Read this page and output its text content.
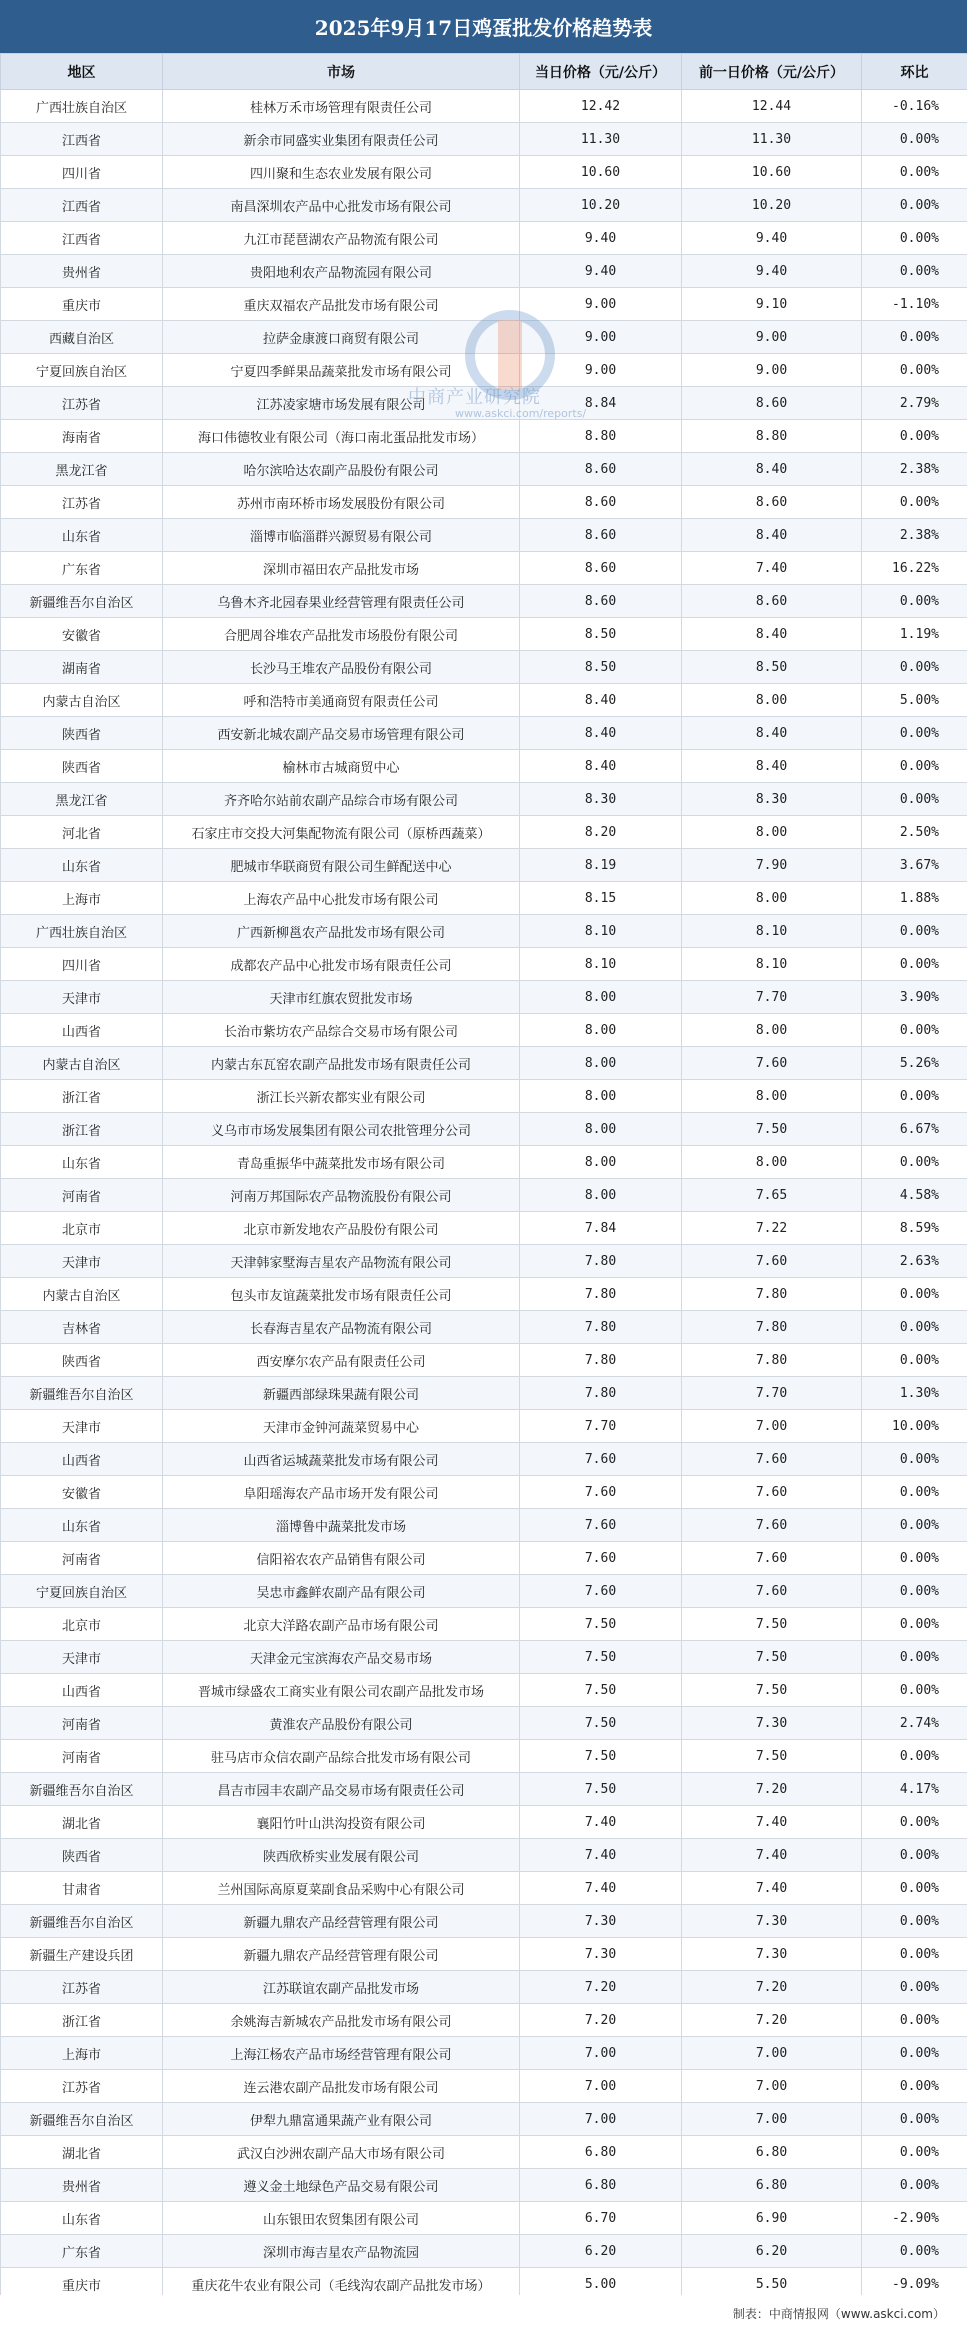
2025年9月17日鸡蛋批发价格趋势表
地区	市场	当日价格（元/公斤）	前一日价格（元/公斤）	环比
广西壮族自治区	桂林万禾市场管理有限责任公司	12.42	12.44	-0.16%
江西省	新余市同盛实业集团有限责任公司	11.30	11.30	0.00%
四川省	四川聚和生态农业发展有限公司	10.60	10.60	0.00%
江西省	南昌深圳农产品中心批发市场有限公司	10.20	10.20	0.00%
江西省	九江市琵琶湖农产品物流有限公司	9.40	9.40	0.00%
贵州省	贵阳地利农产品物流园有限公司	9.40	9.40	0.00%
重庆市	重庆双福农产品批发市场有限公司	9.00	9.10	-1.10%
西藏自治区	拉萨金康渡口商贸有限公司	9.00	9.00	0.00%
宁夏回族自治区	宁夏四季鲜果品蔬菜批发市场有限公司	9.00	9.00	0.00%
江苏省	江苏凌家塘市场发展有限公司	8.84	8.60	2.79%
海南省	海口伟德牧业有限公司（海口南北蛋品批发市场）	8.80	8.80	0.00%
黑龙江省	哈尔滨哈达农副产品股份有限公司	8.60	8.40	2.38%
江苏省	苏州市南环桥市场发展股份有限公司	8.60	8.60	0.00%
山东省	淄博市临淄群兴源贸易有限公司	8.60	8.40	2.38%
广东省	深圳市福田农产品批发市场	8.60	7.40	16.22%
新疆维吾尔自治区	乌鲁木齐北园春果业经营管理有限责任公司	8.60	8.60	0.00%
安徽省	合肥周谷堆农产品批发市场股份有限公司	8.50	8.40	1.19%
湖南省	长沙马王堆农产品股份有限公司	8.50	8.50	0.00%
内蒙古自治区	呼和浩特市美通商贸有限责任公司	8.40	8.00	5.00%
陕西省	西安新北城农副产品交易市场管理有限公司	8.40	8.40	0.00%
陕西省	榆林市古城商贸中心	8.40	8.40	0.00%
黑龙江省	齐齐哈尔站前农副产品综合市场有限公司	8.30	8.30	0.00%
河北省	石家庄市交投大河集配物流有限公司（原桥西蔬菜）	8.20	8.00	2.50%
山东省	肥城市华联商贸有限公司生鲜配送中心	8.19	7.90	3.67%
上海市	上海农产品中心批发市场有限公司	8.15	8.00	1.88%
广西壮族自治区	广西新柳邕农产品批发市场有限公司	8.10	8.10	0.00%
四川省	成都农产品中心批发市场有限责任公司	8.10	8.10	0.00%
天津市	天津市红旗农贸批发市场	8.00	7.70	3.90%
山西省	长治市紫坊农产品综合交易市场有限公司	8.00	8.00	0.00%
内蒙古自治区	内蒙古东瓦窑农副产品批发市场有限责任公司	8.00	7.60	5.26%
浙江省	浙江长兴新农都实业有限公司	8.00	8.00	0.00%
浙江省	义乌市市场发展集团有限公司农批管理分公司	8.00	7.50	6.67%
山东省	青岛重振华中蔬菜批发市场有限公司	8.00	8.00	0.00%
河南省	河南万邦国际农产品物流股份有限公司	8.00	7.65	4.58%
北京市	北京市新发地农产品股份有限公司	7.84	7.22	8.59%
天津市	天津韩家墅海吉星农产品物流有限公司	7.80	7.60	2.63%
内蒙古自治区	包头市友谊蔬菜批发市场有限责任公司	7.80	7.80	0.00%
吉林省	长春海吉星农产品物流有限公司	7.80	7.80	0.00%
陕西省	西安摩尔农产品有限责任公司	7.80	7.80	0.00%
新疆维吾尔自治区	新疆西部绿珠果蔬有限公司	7.80	7.70	1.30%
天津市	天津市金钟河蔬菜贸易中心	7.70	7.00	10.00%
山西省	山西省运城蔬菜批发市场有限公司	7.60	7.60	0.00%
安徽省	阜阳瑶海农产品市场开发有限公司	7.60	7.60	0.00%
山东省	淄博鲁中蔬菜批发市场	7.60	7.60	0.00%
河南省	信阳裕农农产品销售有限公司	7.60	7.60	0.00%
宁夏回族自治区	吴忠市鑫鲜农副产品有限公司	7.60	7.60	0.00%
北京市	北京大洋路农副产品市场有限公司	7.50	7.50	0.00%
天津市	天津金元宝滨海农产品交易市场	7.50	7.50	0.00%
山西省	晋城市绿盛农工商实业有限公司农副产品批发市场	7.50	7.50	0.00%
河南省	黄淮农产品股份有限公司	7.50	7.30	2.74%
河南省	驻马店市众信农副产品综合批发市场有限公司	7.50	7.50	0.00%
新疆维吾尔自治区	昌吉市园丰农副产品交易市场有限责任公司	7.50	7.20	4.17%
湖北省	襄阳竹叶山洪沟投资有限公司	7.40	7.40	0.00%
陕西省	陕西欣桥实业发展有限公司	7.40	7.40	0.00%
甘肃省	兰州国际高原夏菜副食品采购中心有限公司	7.40	7.40	0.00%
新疆维吾尔自治区	新疆九鼎农产品经营管理有限公司	7.30	7.30	0.00%
新疆生产建设兵团	新疆九鼎农产品经营管理有限公司	7.30	7.30	0.00%
江苏省	江苏联谊农副产品批发市场	7.20	7.20	0.00%
浙江省	余姚海吉新城农产品批发市场有限公司	7.20	7.20	0.00%
上海市	上海江杨农产品市场经营管理有限公司	7.00	7.00	0.00%
江苏省	连云港农副产品批发市场有限公司	7.00	7.00	0.00%
新疆维吾尔自治区	伊犁九鼎富通果蔬产业有限公司	7.00	7.00	0.00%
湖北省	武汉白沙洲农副产品大市场有限公司	6.80	6.80	0.00%
贵州省	遵义金土地绿色产品交易有限公司	6.80	6.80	0.00%
山东省	山东银田农贸集团有限公司	6.70	6.90	-2.90%
广东省	深圳市海吉星农产品物流园	6.20	6.20	0.00%
重庆市	重庆花牛农业有限公司（毛线沟农副产品批发市场）	5.00	5.50	-9.09%
中商产业研究院
www.askci.com/reports/
制表：中商情报网（www.askci.com）
